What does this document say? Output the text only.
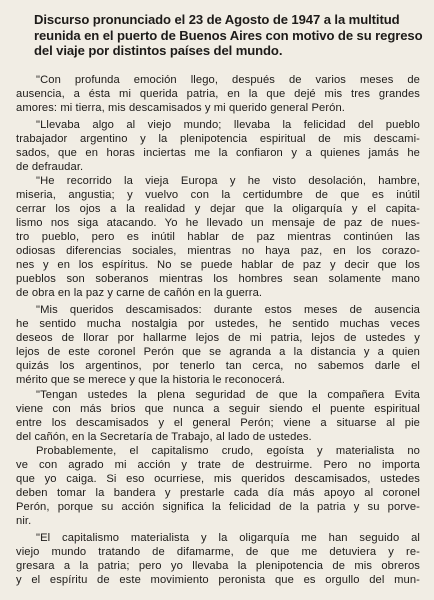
Discurso pronunciado el 23 de Agosto de 1947 a la multitud
reunida en el puerto de Buenos Aires con motivo de su regreso
del viaje por distintos países del mundo.
"Con profunda emoción llego, después de varios meses de
ausencia, a ésta mi querida patria, en la que dejé mis tres grandes
amores: mi tierra, mis descamisados y mi querido general Perón.
"Llevaba algo al viejo mundo; llevaba la felicidad del pueblo
trabajador argentino y la plenipotencia espiritual de mis descami-
sados, que en horas inciertas me la confiaron y a quienes jamás he
de defraudar.
"He recorrido la vieja Europa y he visto desolación, hambre,
miseria, angustia; y vuelvo con la certidumbre de que es inútil
cerrar los ojos a la realidad y dejar que la oligarquía y el capita-
lismo nos siga atacando. Yo he llevado un mensaje de paz de nues-
tro pueblo, pero es inútil hablar de paz mientras continúen las
odiosas diferencias sociales, mientras no haya paz, en los corazo-
nes y en los espíritus. No se puede hablar de paz y decir que los
pueblos son soberanos mientras los hombres sean solamente mano
de obra en la paz y carne de cañón en la guerra.
"Mis queridos descamisados: durante estos meses de ausencia
he sentido mucha nostalgia por ustedes, he sentido muchas veces
deseos de llorar por hallarme lejos de mi patria, lejos de ustedes y
lejos de este coronel Perón que se agranda a la distancia y a quien
quizás los argentinos, por tenerlo tan cerca, no sabemos darle el
mérito que se merece y que la historia le reconocerá.
"Tengan ustedes la plena seguridad de que la compañera Evita
viene con más brios que nunca a seguir siendo el puente espiritual
entre los descamisados y el general Perón; viene a situarse al pie
del cañón, en la Secretaría de Trabajo, al lado de ustedes.
Probablemente, el capitalismo crudo, egoísta y materialista no
ve con agrado mi acción y trate de destruirme. Pero no importa
que yo caiga. Si eso ocurriese, mis queridos descamisados, ustedes
deben tomar la bandera y prestarle cada día más apoyo al coronel
Perón, porque su acción significa la felicidad de la patria y su porve-
nir.
"El capitalismo materialista y la oligarquía me han seguido al
viejo mundo tratando de difamarme, de que me detuviera y re-
gresara a la patria; pero yo llevaba la plenipotencia de mis obreros
y el espíritu de este movimiento peronista que es orgullo del mun-
